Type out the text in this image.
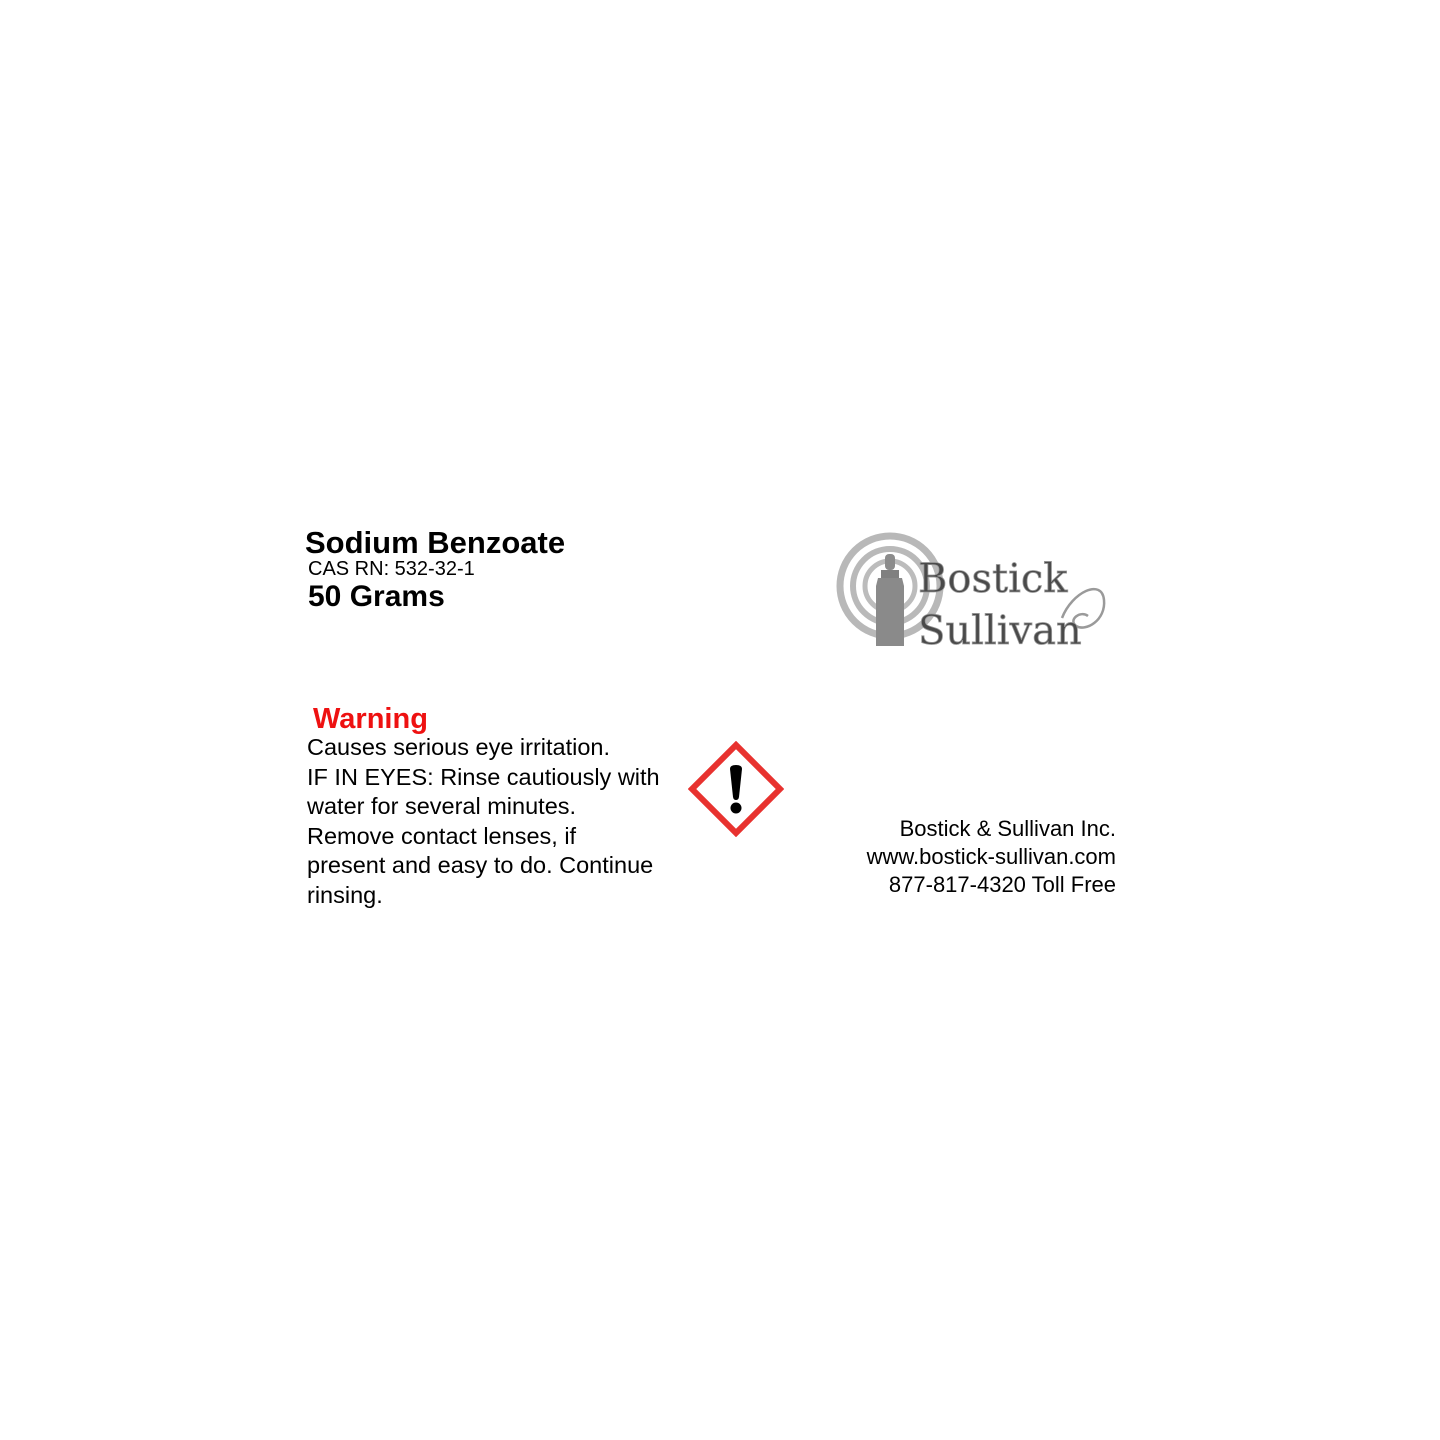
Sodium Benzoate
CAS RN: 532-32-1
50 Grams	Bostick
Sullivan
Warning
Causes serious eye irritation.
IF IN EYES: Rinse cautiously with
water for several minutes.
Remove contact lenses, if
present and easy to do. Continue
rinsing.
Bostick & Sullivan Inc.
www.bostick-sullivan.com
877-817-4320 Toll Free
